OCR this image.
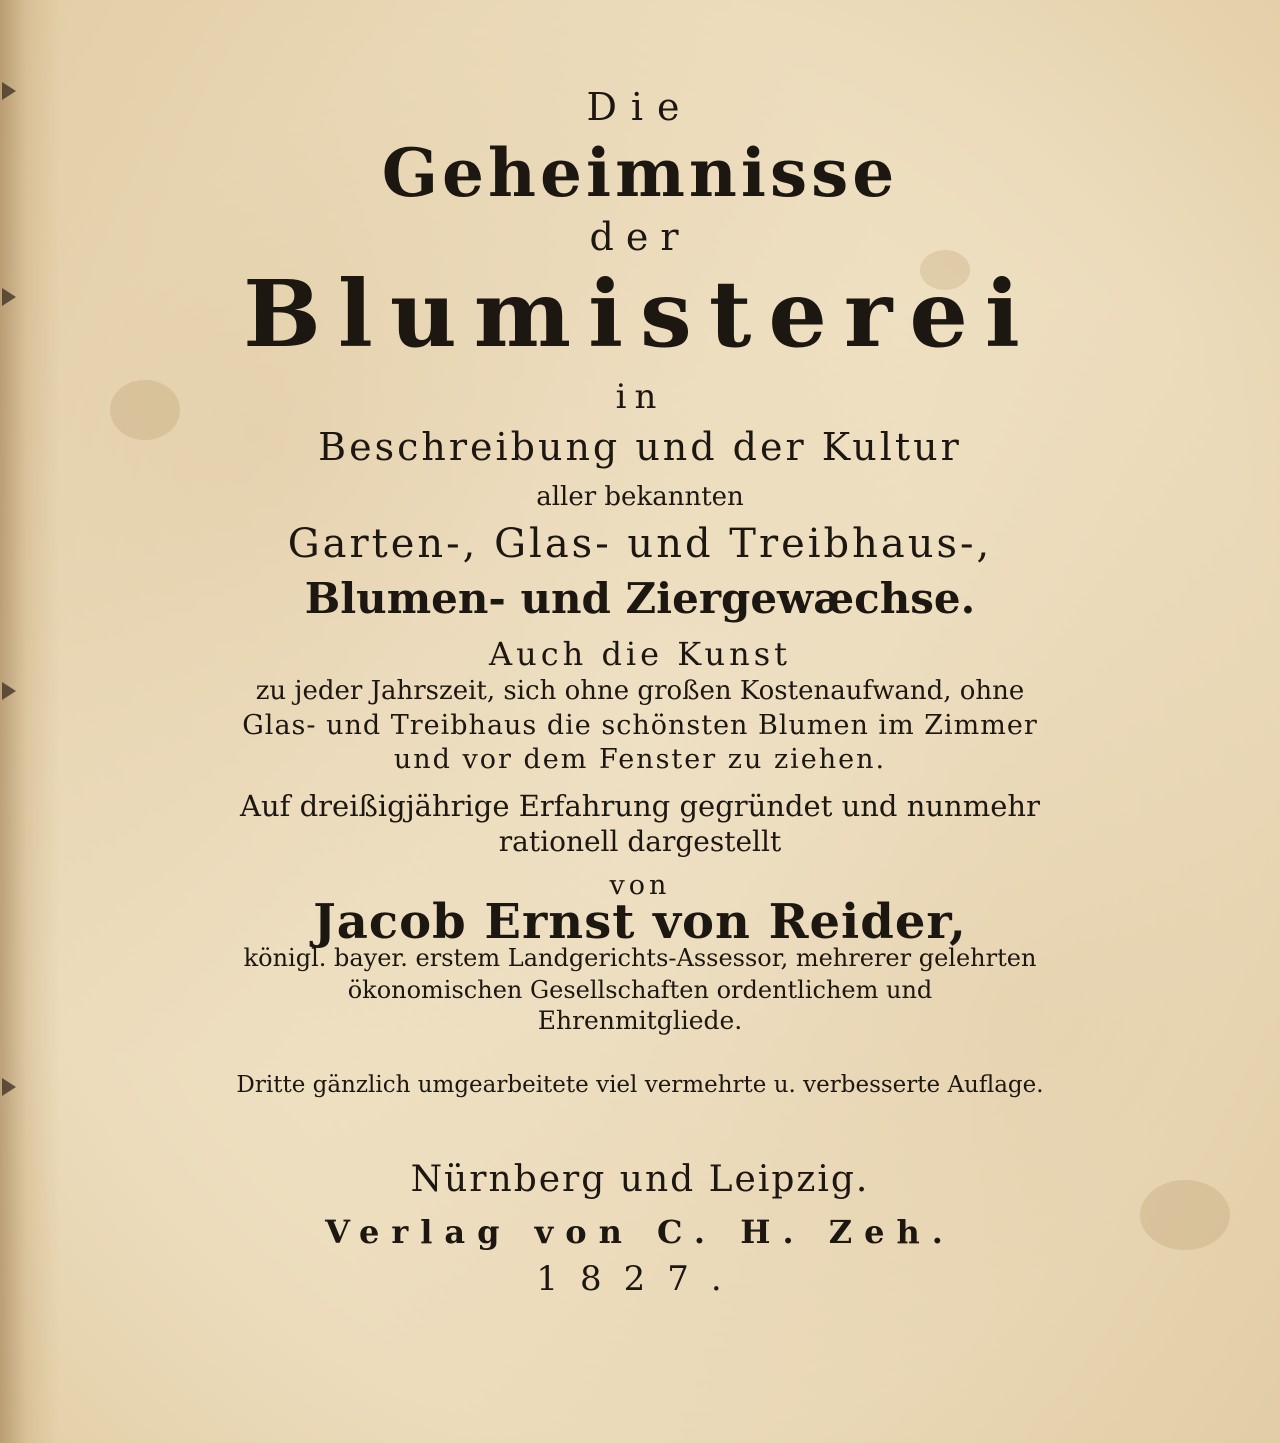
Die
Geheimnisse
der
Blumisterei
in
Beschreibung und der Kultur
aller bekannten
Garten-, Glas- und Treibhaus-,
Blumen- und Ziergewæchse.
Auch die Kunst
zu jeder Jahrszeit, sich ohne großen Kostenaufwand, ohne
Glas- und Treibhaus die schönsten Blumen im Zimmer
und vor dem Fenster zu ziehen.
Auf dreißigjährige Erfahrung gegründet und nunmehr
rationell dargestellt
von
Jacob Ernst von Reider,
königl. bayer. erstem Landgerichts-Assessor, mehrerer gelehrten
ökonomischen Gesellschaften ordentlichem und
Ehrenmitgliede.
Dritte gänzlich umgearbeitete viel vermehrte u. verbesserte Auflage.
Nürnberg und Leipzig.
Verlag von C. H. Zeh.
1827.
